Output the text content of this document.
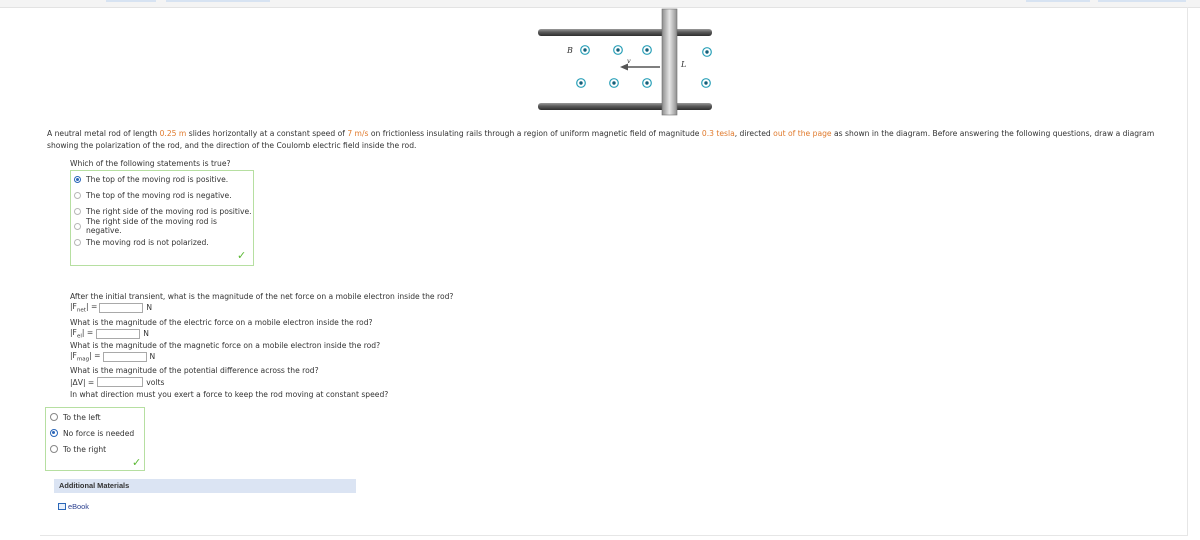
B
v	L
A neutral metal rod of length 0.25 m slides horizontally at a constant speed of 7 m/s on frictionless insulating rails through a region of uniform magnetic field of magnitude 0.3 tesla, directed out of the page as shown in the diagram. Before answering the following questions, draw a diagram showing the polarization of the rod, and the direction of the Coulomb electric field inside the rod.
Which of the following statements is true?
The top of the moving rod is positive.
The top of the moving rod is negative.
The right side of the moving rod is positive.
The right side of the moving rod is negative.
The moving rod is not polarized.
✓
After the initial transient, what is the magnitude of the net force on a mobile electron inside the rod?
$|F_{net}|$ =	N
What is the magnitude of the electric force on a mobile electron inside the rod?
$|F_{el}|$ =	N
What is the magnitude of the magnetic force on a mobile electron inside the rod?
$|F_{mag}|$ =	N
What is the magnitude of the potential difference across the rod?
|ΔV| =	volts
In what direction must you exert a force to keep the rod moving at constant speed?
To the left
No force is needed
To the right
✓
Additional Materials
eBook
